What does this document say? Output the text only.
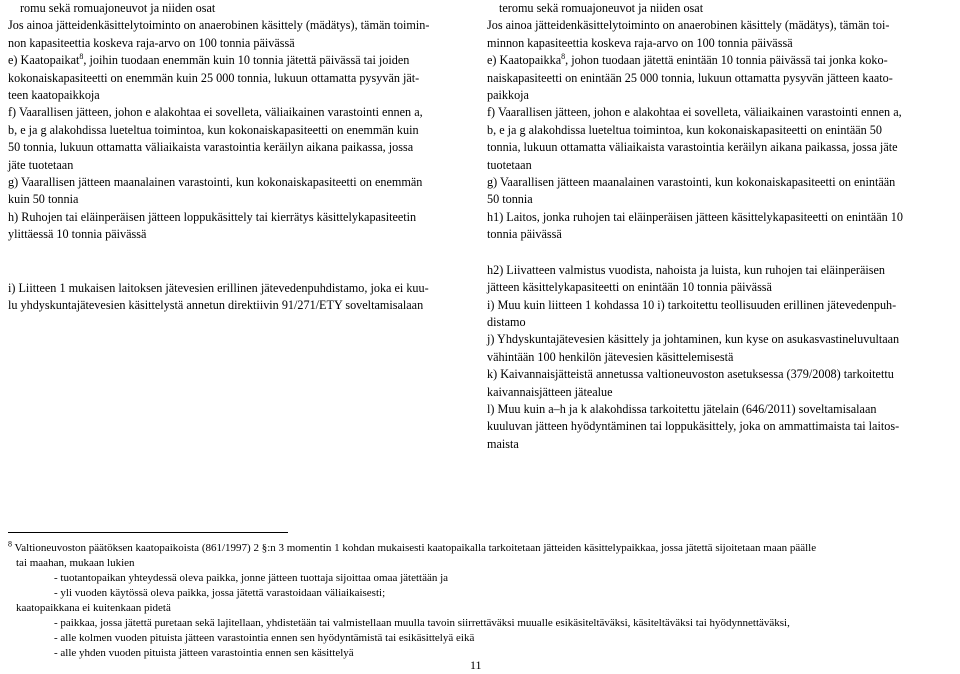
romu sekä romuajoneuvot ja niiden osat

Jos ainoa jätteidenkäsittelytoiminto on anaerobinen käsittely (mädätys), tämän toimin-
non kapasiteettia koskeva raja-arvo on 100 tonnia päivässä

e) Kaatopaikat$^8$, joihin tuodaan enemmän kuin 10 tonnia jätettä päivässä tai joiden
kokonaiskapasiteetti on enemmän kuin 25 000 tonnia, lukuun ottamatta pysyvän jät-
teen kaatopaikkoja

f) Vaarallisen jätteen, johon e alakohtaa ei sovelleta, väliaikainen varastointi ennen a,
b, e ja g alakohdissa lueteltua toimintoa, kun kokonaiskapasiteetti on enemmän kuin
50 tonnia, lukuun ottamatta väliaikaista varastointia keräilyn aikana paikassa, jossa
jäte tuotetaan

g) Vaarallisen jätteen maanalainen varastointi, kun kokonaiskapasiteetti on enemmän
kuin 50 tonnia

h) Ruhojen tai eläinperäisen jätteen loppukäsittely tai kierrätys käsittelykapasiteetin
ylittäessä 10 tonnia päivässä

i) Liitteen 1 mukaisen laitoksen jätevesien erillinen jätevedenpuhdistamo, joka ei kuu-
lu yhdyskuntajätevesien käsittelystä annetun direktiivin 91/271/ETY soveltamisalaan

teromu sekä romuajoneuvot ja niiden osat

Jos ainoa jätteidenkäsittelytoiminto on anaerobinen käsittely (mädätys), tämän toi-
minnon kapasiteettia koskeva raja-arvo on 100 tonnia päivässä

e) Kaatopaikka$^8$, johon tuodaan jätettä enintään 10 tonnia päivässä tai jonka koko-
naiskapasiteetti on enintään 25 000 tonnia, lukuun ottamatta pysyvän jätteen kaato-
paikkoja

f) Vaarallisen jätteen, johon e alakohtaa ei sovelleta, väliaikainen varastointi ennen a,
b, e ja g alakohdissa lueteltua toimintoa, kun kokonaiskapasiteetti on enintään 50
tonnia, lukuun ottamatta väliaikaista varastointia keräilyn aikana paikassa, jossa jäte
tuotetaan

g) Vaarallisen jätteen maanalainen varastointi, kun kokonaiskapasiteetti on enintään
50 tonnia

h1) Laitos, jonka ruhojen tai eläinperäisen jätteen käsittelykapasiteetti on enintään 10
tonnia päivässä

h2) Liivatteen valmistus vuodista, nahoista ja luista, kun ruhojen tai eläinperäisen
jätteen käsittelykapasiteetti on enintään 10 tonnia päivässä

i) Muu kuin liitteen 1 kohdassa 10 i) tarkoitettu teollisuuden erillinen jätevedenpuh-
distamo

j) Yhdyskuntajätevesien käsittely ja johtaminen, kun kyse on asukasvastineluvultaan
vähintään 100 henkilön jätevesien käsittelemisestä

k) Kaivannaisjätteistä annetussa valtioneuvoston asetuksessa (379/2008) tarkoitettu
kaivannaisjätteen jätealue

l) Muu kuin a–h ja k alakohdissa tarkoitettu jätelain (646/2011) soveltamisalaan
kuuluvan jätteen hyödyntäminen tai loppukäsittely, joka on ammattimaista tai laitos-
maista

$^8$ Valtioneuvoston päätöksen kaatopaikoista (861/1997) 2 §:n 3 momentin 1 kohdan mukaisesti kaatopaikalla tarkoitetaan jätteiden käsittelypaikkaa, jossa jätettä sijoitetaan maan päälle

tai maahan, mukaan lukien

- tuotantopaikan yhteydessä oleva paikka, jonne jätteen tuottaja sijoittaa omaa jätettään ja

- yli vuoden käytössä oleva paikka, jossa jätettä varastoidaan väliaikaisesti;

kaatopaikkana ei kuitenkaan pidetä

- paikkaa, jossa jätettä puretaan sekä lajitellaan, yhdistetään tai valmistellaan muulla tavoin siirrettäväksi muualle esikäsiteltäväksi, käsiteltäväksi tai hyödynnettäväksi,

- alle kolmen vuoden pituista jätteen varastointia ennen sen hyödyntämistä tai esikäsittelyä eikä

- alle yhden vuoden pituista jätteen varastointia ennen sen käsittelyä

11
